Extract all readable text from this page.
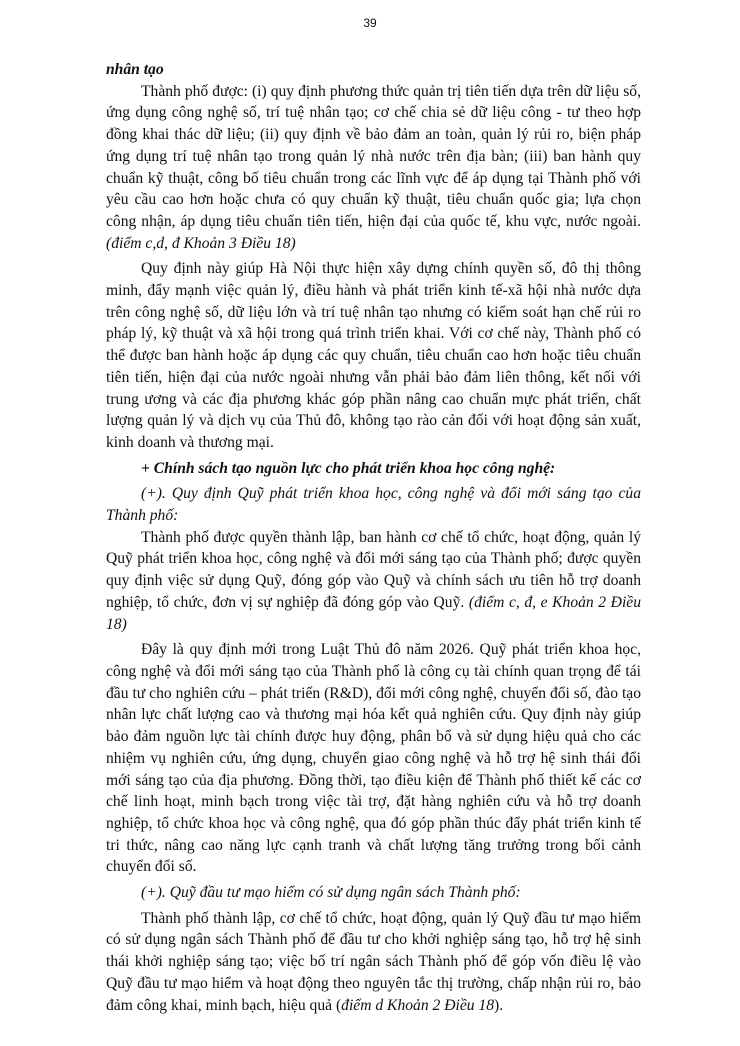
39

nhân tạo

Thành phố được: (i) quy định phương thức quản trị tiên tiến dựa trên dữ liệu số, ứng dụng công nghệ số, trí tuệ nhân tạo; cơ chế chia sẻ dữ liệu công - tư theo hợp đồng khai thác dữ liệu; (ii) quy định về bảo đảm an toàn, quản lý rủi ro, biện pháp ứng dụng trí tuệ nhân tạo trong quản lý nhà nước trên địa bàn; (iii) ban hành quy chuẩn kỹ thuật, công bố tiêu chuẩn trong các lĩnh vực để áp dụng tại Thành phố với yêu cầu cao hơn hoặc chưa có quy chuẩn kỹ thuật, tiêu chuẩn quốc gia; lựa chọn công nhận, áp dụng tiêu chuẩn tiên tiến, hiện đại của quốc tế, khu vực, nước ngoài. (điểm c,d, đ Khoản 3 Điều 18)

Quy định này giúp Hà Nội thực hiện xây dựng chính quyền số, đô thị thông minh, đẩy mạnh việc quản lý, điều hành và phát triển kinh tế-xã hội nhà nước dựa trên công nghệ số, dữ liệu lớn và trí tuệ nhân tạo nhưng có kiểm soát hạn chế rủi ro pháp lý, kỹ thuật và xã hội trong quá trình triển khai. Với cơ chế này, Thành phố có thể được ban hành hoặc áp dụng các quy chuẩn, tiêu chuẩn cao hơn hoặc tiêu chuẩn tiên tiến, hiện đại của nước ngoài nhưng vẫn phải bảo đảm liên thông, kết nối với trung ương và các địa phương khác góp phần nâng cao chuẩn mực phát triển, chất lượng quản lý và dịch vụ của Thủ đô, không tạo rào cản đối với hoạt động sản xuất, kinh doanh và thương mại.

+ Chính sách tạo nguồn lực cho phát triển khoa học công nghệ:

(+). Quy định Quỹ phát triển khoa học, công nghệ và đổi mới sáng tạo của Thành phố:

Thành phố được quyền thành lập, ban hành cơ chế tổ chức, hoạt động, quản lý Quỹ phát triển khoa học, công nghệ và đổi mới sáng tạo của Thành phố; được quyền quy định việc sử dụng Quỹ, đóng góp vào Quỹ và chính sách ưu tiên hỗ trợ doanh nghiệp, tổ chức, đơn vị sự nghiệp đã đóng góp vào Quỹ. (điểm c, đ, e Khoản 2 Điều 18)

Đây là quy định mới trong Luật Thủ đô năm 2026. Quỹ phát triển khoa học, công nghệ và đổi mới sáng tạo của Thành phố là công cụ tài chính quan trọng để tái đầu tư cho nghiên cứu – phát triển (R&D), đổi mới công nghệ, chuyển đổi số, đào tạo nhân lực chất lượng cao và thương mại hóa kết quả nghiên cứu. Quy định này giúp bảo đảm nguồn lực tài chính được huy động, phân bổ và sử dụng hiệu quả cho các nhiệm vụ nghiên cứu, ứng dụng, chuyển giao công nghệ và hỗ trợ hệ sinh thái đổi mới sáng tạo của địa phương. Đồng thời, tạo điều kiện để Thành phố thiết kế các cơ chế linh hoạt, minh bạch trong việc tài trợ, đặt hàng nghiên cứu và hỗ trợ doanh nghiệp, tổ chức khoa học và công nghệ, qua đó góp phần thúc đẩy phát triển kinh tế tri thức, nâng cao năng lực cạnh tranh và chất lượng tăng trưởng trong bối cảnh chuyển đổi số.

(+). Quỹ đầu tư mạo hiểm có sử dụng ngân sách Thành phố:

Thành phố thành lập, cơ chế tổ chức, hoạt động, quản lý Quỹ đầu tư mạo hiểm có sử dụng ngân sách Thành phố để đầu tư cho khởi nghiệp sáng tạo, hỗ trợ hệ sinh thái khởi nghiệp sáng tạo; việc bố trí ngân sách Thành phố để góp vốn điều lệ vào Quỹ đầu tư mạo hiểm và hoạt động theo nguyên tắc thị trường, chấp nhận rủi ro, bảo đảm công khai, minh bạch, hiệu quả (điểm d Khoản 2 Điều 18).
